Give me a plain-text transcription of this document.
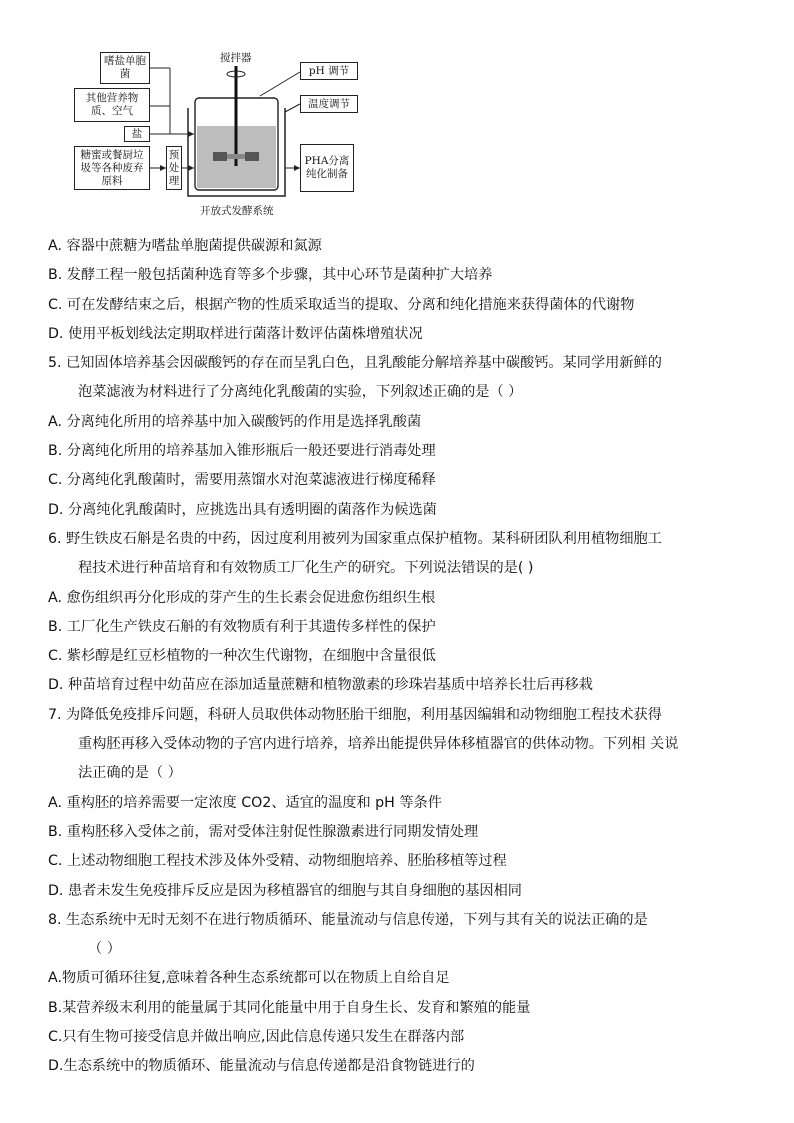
搅拌器
pH 调节
温度调节
嗜盐单胞菌
其他营养物质、空气
盐
糖蜜或餐厨垃圾等各种废弃原料
预处理
PHA分离纯化制备
开放式发酵系统
A. 容器中蔗糖为嗜盐单胞菌提供碳源和氮源
B. 发酵工程一般包括菌种选育等多个步骤，其中心环节是菌种扩大培养
C. 可在发酵结束之后，根据产物的性质采取适当的提取、分离和纯化措施来获得菌体的代谢物
D. 使用平板划线法定期取样进行菌落计数评估菌株增殖状况
5. 已知固体培养基会因碳酸钙的存在而呈乳白色，且乳酸能分解培养基中碳酸钙。某同学用新鲜的
泡菜滤液为材料进行了分离纯化乳酸菌的实验，下列叙述正确的是（ ）
A. 分离纯化所用的培养基中加入碳酸钙的作用是选择乳酸菌
B. 分离纯化所用的培养基加入锥形瓶后一般还要进行消毒处理
C. 分离纯化乳酸菌时，需要用蒸馏水对泡菜滤液进行梯度稀释
D. 分离纯化乳酸菌时，应挑选出具有透明圈的菌落作为候选菌
6. 野生铁皮石斛是名贵的中药，因过度利用被列为国家重点保护植物。某科研团队利用植物细胞工
程技术进行种苗培育和有效物质工厂化生产的研究。下列说法错误的是( )
A. 愈伤组织再分化形成的芽产生的生长素会促进愈伤组织生根
B. 工厂化生产铁皮石斛的有效物质有利于其遗传多样性的保护
C. 紫杉醇是红豆杉植物的一种次生代谢物，在细胞中含量很低
D. 种苗培育过程中幼苗应在添加适量蔗糖和植物激素的珍珠岩基质中培养长壮后再移栽
7. 为降低免疫排斥问题，科研人员取供体动物胚胎干细胞，利用基因编辑和动物细胞工程技术获得
重构胚再移入受体动物的子宫内进行培养，培养出能提供异体移植器官的供体动物。下列相 关说
法正确的是（ ）
A. 重构胚的培养需要一定浓度 CO2、适宜的温度和 pH 等条件
B. 重构胚移入受体之前，需对受体注射促性腺激素进行同期发情处理
C. 上述动物细胞工程技术涉及体外受精、动物细胞培养、胚胎移植等过程
D. 患者未发生免疫排斥反应是因为移植器官的细胞与其自身细胞的基因相同
8. 生态系统中无时无刻不在进行物质循环、能量流动与信息传递，下列与其有关的说法正确的是
（ ）
A.物质可循环往复,意味着各种生态系统都可以在物质上自给自足
B.某营养级末利用的能量属于其同化能量中用于自身生长、发育和繁殖的能量
C.只有生物可接受信息并做出响应,因此信息传递只发生在群落内部
D.生态系统中的物质循环、能量流动与信息传递都是沿食物链进行的
